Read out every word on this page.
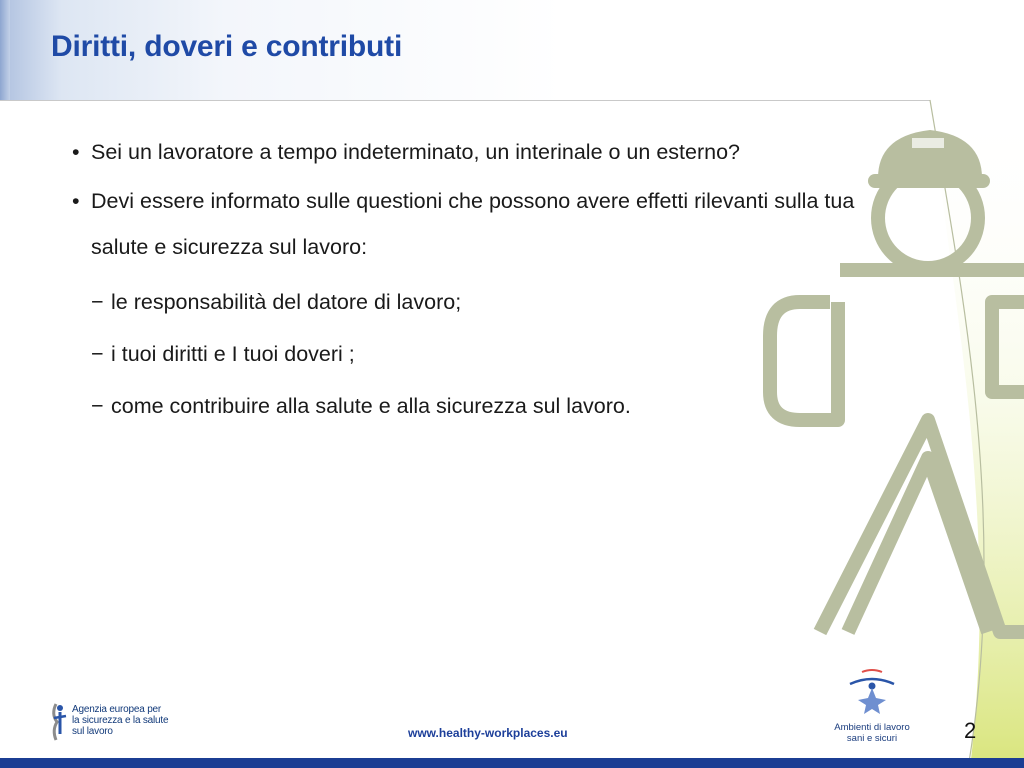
Diritti, doveri e contributi
• Sei un lavoratore a tempo indeterminato, un interinale o un esterno?
• Devi essere informato sulle questioni che possono avere effetti rilevanti sulla tua salute e sicurezza sul lavoro:
− le responsabilità del datore di lavoro;
− i tuoi diritti e I tuoi doveri ;
− come contribuire alla salute e alla sicurezza sul lavoro.

Agenzia europea per
la sicurezza e la salute
sul lavoro	www.healthy-workplaces.eu	Ambienti di lavoro
sani e sicuri	2
